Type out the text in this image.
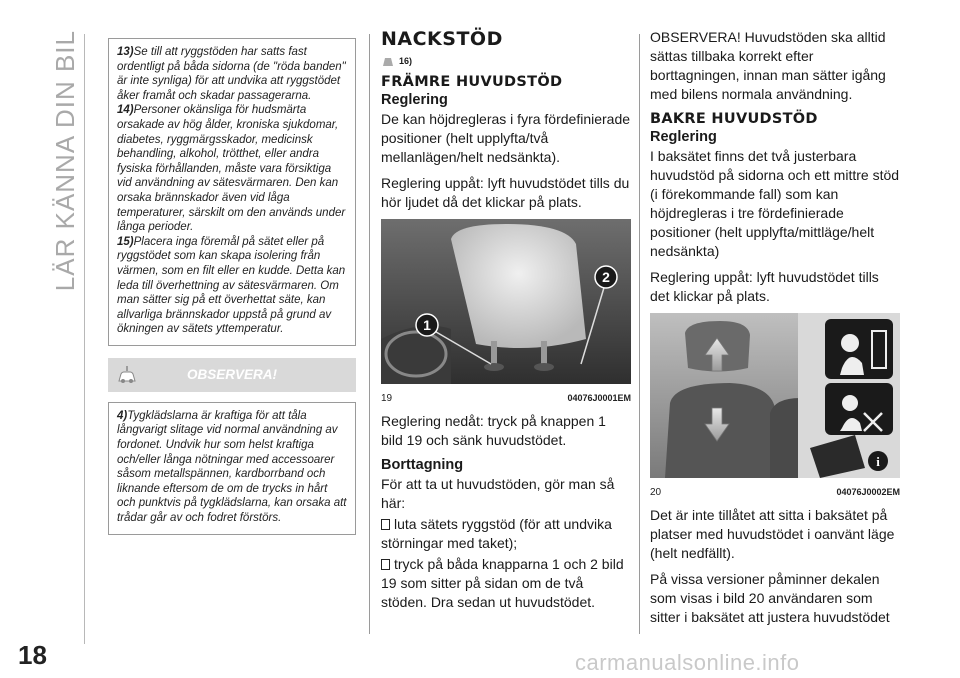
LÄR KÄNNA DIN BIL
18	carmanualsonline.info

13)Se till att ryggstöden har satts fast ordentligt på båda sidorna (de "röda banden" är inte synliga) för att undvika att ryggstödet åker framåt och skadar passagerarna.

14)Personer okänsliga för hudsmärta orsakade av hög ålder, kroniska sjukdomar, diabetes, ryggmärgsskador, medicinsk behandling, alkohol, trötthet, eller andra fysiska förhållanden, måste vara försiktiga vid användning av sätesvärmaren. Den kan orsaka brännskador även vid låga temperaturer, särskilt om den används under långa perioder.

15)Placera inga föremål på sätet eller på ryggstödet som kan skapa isolering från värmen, som en filt eller en kudde. Detta kan leda till överhettning av sätesvärmaren. Om man sätter sig på ett överhettat säte, kan allvarliga brännskador uppstå på grund av ökningen av sätets yttemperatur.

OBSERVERA!

4)Tygklädslarna är kraftiga för att tåla långvarigt slitage vid normal användning av fordonet. Undvik hur som helst kraftiga och/eller långa nötningar med accessoarer såsom metallspännen, kardborrband och liknande eftersom de om de trycks in hårt och punktvis på tygklädslarna, kan orsaka att trådar går av och fodret förstörs.

NACKSTÖD
16)
FRÄMRE HUVUDSTÖD
Reglering

De kan höjdregleras i fyra fördefinierade positioner (helt upplyfta/två mellanlägen/helt nedsänkta).

Reglering uppåt: lyft huvudstödet tills du hör ljudet då det klickar på plats.

1
2
19	04076J0001EM

Reglering nedåt: tryck på knappen 1 bild 19 och sänk huvudstödet.

Borttagning

För att ta ut huvudstöden, gör man så här:

luta sätets ryggstöd (för att undvika störningar med taket);

tryck på båda knapparna 1 och 2 bild 19 som sitter på sidan om de två stöden. Dra sedan ut huvudstödet.

OBSERVERA! Huvudstöden ska alltid sättas tillbaka korrekt efter borttagningen, innan man sätter igång med bilens normala användning.

BAKRE HUVUDSTÖD
Reglering

I baksätet finns det två justerbara huvudstöd på sidorna och ett mittre stöd (i förekommande fall) som kan höjdregleras i tre fördefinierade positioner (helt upplyfta/mittläge/helt nedsänkta)

Reglering uppåt: lyft huvudstödet tills det klickar på plats.

i
20	04076J0002EM

Det är inte tillåtet att sitta i baksätet på platser med huvudstödet i oanvänt läge (helt nedfällt).

På vissa versioner påminner dekalen som visas i bild 20 användaren som sitter i baksätet att justera huvudstödet
